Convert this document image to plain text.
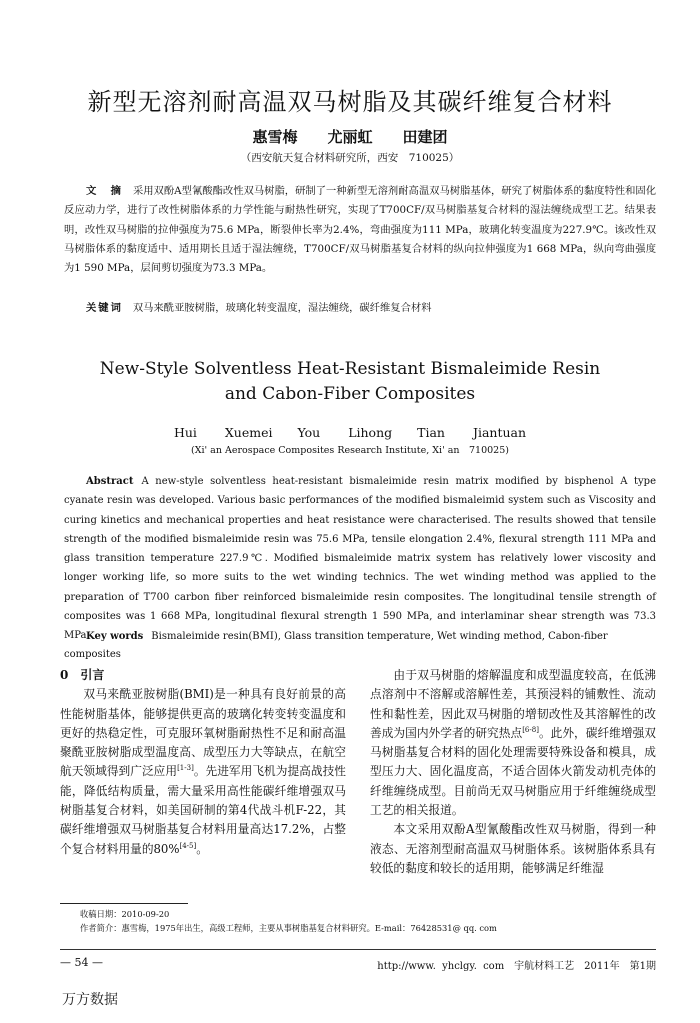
新型无溶剂耐高温双马树脂及其碳纤维复合材料
惠雪梅　　尤丽虹　　田建团
（西安航天复合材料研究所，西安　710025）

文　摘 采用双酚A型氰酸酯改性双马树脂，研制了一种新型无溶剂耐高温双马树脂基体，研究了树脂体系的黏度特性和固化反应动力学，进行了改性树脂体系的力学性能与耐热性研究，实现了T700CF/双马树脂基复合材料的湿法缠绕成型工艺。结果表明，改性双马树脂的拉伸强度为75.6 MPa，断裂伸长率为2.4%，弯曲强度为111 MPa，玻璃化转变温度为227.9℃。该改性双马树脂体系的黏度适中、适用期长且适于湿法缠绕，T700CF/双马树脂基复合材料的纵向拉伸强度为1 668 MPa，纵向弯曲强度为1 590 MPa，层间剪切强度为73.3 MPa。

关键词 双马来酰亚胺树脂，玻璃化转变温度，湿法缠绕，碳纤维复合材料

New-Style Solventless Heat-Resistant Bismaleimide Resin
and Cabon-Fiber Composites
Hui Xuemei　　You Lihong　　Tian Jiantuan
(Xi' an Aerospace Composites Research Institute, Xi' an　710025)

Abstract A new-style solventless heat-resistant bismaleimide resin matrix modified by bisphenol A type cyanate resin was developed. Various basic performances of the modified bismaleimid system such as Viscosity and curing kinetics and mechanical properties and heat resistance were characterised. The results showed that tensile strength of the modified bismaleimide resin was 75.6 MPa, tensile elongation 2.4%, flexural strength 111 MPa and glass transition temperature 227.9℃. Modified bismaleimide matrix system has relatively lower viscosity and longer working life, so more suits to the wet winding technics. The wet winding method was applied to the preparation of T700 carbon fiber reinforced bismaleimide resin composites. The longitudinal tensile strength of composites was 1 668 MPa, longitudinal flexural strength 1 590 MPa, and interlaminar shear strength was 73.3 MPa.

Key words Bismaleimide resin(BMI), Glass transition temperature, Wet winding method, Cabon-fiber composites

0 引言

双马来酰亚胺树脂(BMI)是一种具有良好前景的高性能树脂基体，能够提供更高的玻璃化转变转变温度和更好的热稳定性，可克服环氧树脂耐热性不足和耐高温聚酰亚胺树脂成型温度高、成型压力大等缺点，在航空航天领域得到广泛应用[1-3]。先进军用飞机为提高战技性能，降低结构质量，需大量采用高性能碳纤维增强双马树脂基复合材料，如美国研制的第4代战斗机F-22，其碳纤维增强双马树脂基复合材料用量高达17.2%，占整个复合材料用量的80%[4-5]。

由于双马树脂的熔解温度和成型温度较高，在低沸点溶剂中不溶解或溶解性差，其预浸料的铺敷性、流动性和黏性差，因此双马树脂的增韧改性及其溶解性的改善成为国内外学者的研究热点[6-8]。此外，碳纤维增强双马树脂基复合材料的固化处理需要特殊设备和模具，成型压力大、固化温度高，不适合固体火箭发动机壳体的纤维缠绕成型。目前尚无双马树脂应用于纤维缠绕成型工艺的相关报道。

本文采用双酚A型氰酸酯改性双马树脂，得到一种液态、无溶剂型耐高温双马树脂体系。该树脂体系具有较低的黏度和较长的适用期，能够满足纤维湿

收稿日期：2010-09-20
作者简介：惠雪梅，1975年出生，高级工程师，主要从事树脂基复合材料研究。E-mail：76428531@ qq. com
— 54 —	http://www. yhclgy. com　宇航材料工艺　2011年　第1期
万方数据
